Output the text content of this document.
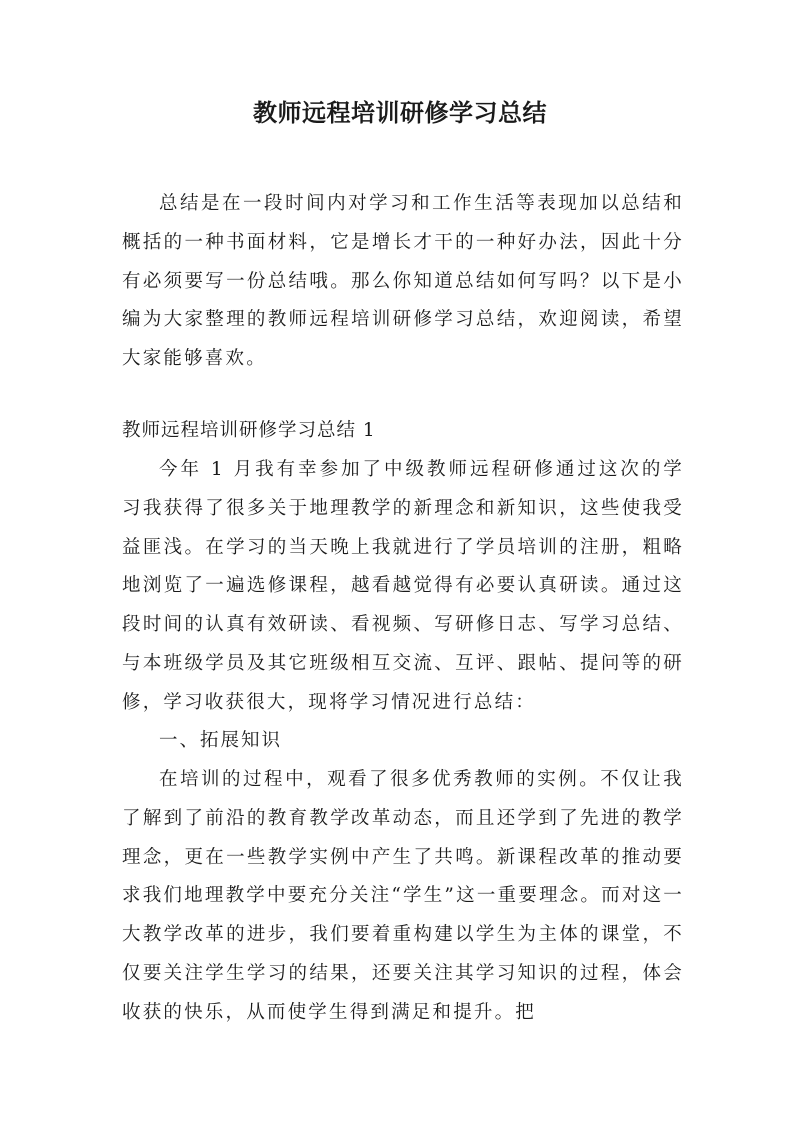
教师远程培训研修学习总结

总结是在一段时间内对学习和工作生活等表现加以总结和概括的一种书面材料，它是增长才干的一种好办法，因此十分有必须要写一份总结哦。那么你知道总结如何写吗？以下是小编为大家整理的教师远程培训研修学习总结，欢迎阅读，希望大家能够喜欢。

教师远程培训研修学习总结 1

今年 1 月我有幸参加了中级教师远程研修通过这次的学习我获得了很多关于地理教学的新理念和新知识，这些使我受益匪浅。在学习的当天晚上我就进行了学员培训的注册，粗略地浏览了一遍选修课程，越看越觉得有必要认真研读。通过这段时间的认真有效研读、看视频、写研修日志、写学习总结、与本班级学员及其它班级相互交流、互评、跟帖、提问等的研修，学习收获很大，现将学习情况进行总结：

一、拓展知识

在培训的过程中，观看了很多优秀教师的实例。不仅让我了解到了前沿的教育教学改革动态，而且还学到了先进的教学理念，更在一些教学实例中产生了共鸣。新课程改革的推动要求我们地理教学中要充分关注“学生”这一重要理念。而对这一大教学改革的进步，我们要着重构建以学生为主体的课堂，不仅要关注学生学习的结果，还要关注其学习知识的过程，体会收获的快乐，从而使学生得到满足和提升。把
